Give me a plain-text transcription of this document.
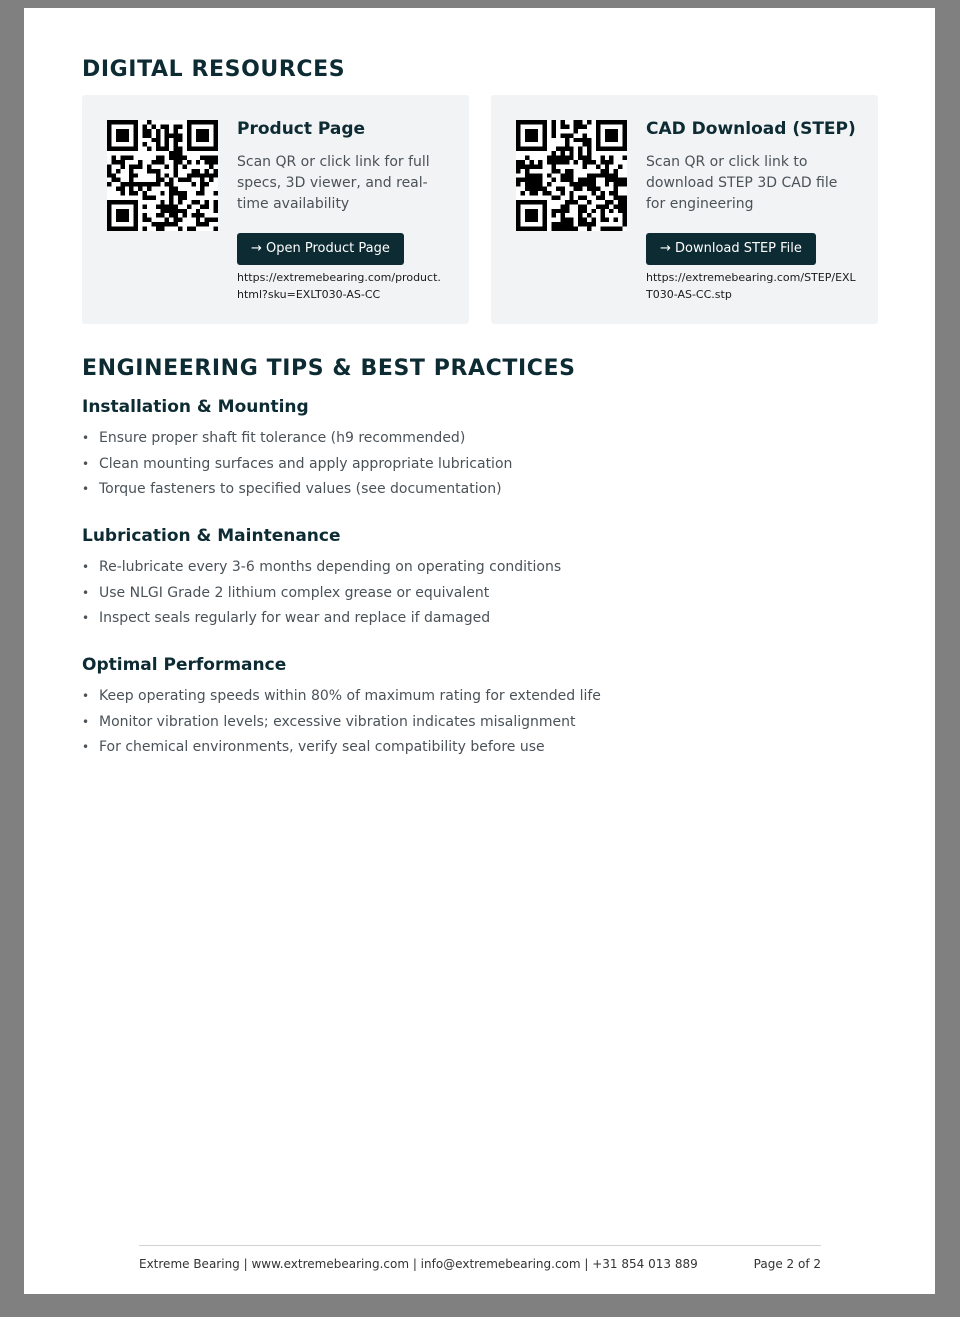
DIGITAL RESOURCES
Product Page

Scan QR or click link for full specs, 3D viewer, and real-time availability

→ Open Product Page

https://extremebearing.com/product.html?sku=EXLT030-AS-CC

CAD Download (STEP)

Scan QR or click link to download STEP 3D CAD file for engineering

→ Download STEP File

https://extremebearing.com/STEP/EXLT030-AS-CC.stp

ENGINEERING TIPS & BEST PRACTICES
Installation & Mounting
• Ensure proper shaft fit tolerance (h9 recommended)
• Clean mounting surfaces and apply appropriate lubrication
• Torque fasteners to specified values (see documentation)
Lubrication & Maintenance
• Re-lubricate every 3-6 months depending on operating conditions
• Use NLGI Grade 2 lithium complex grease or equivalent
• Inspect seals regularly for wear and replace if damaged
Optimal Performance
• Keep operating speeds within 80% of maximum rating for extended life
• Monitor vibration levels; excessive vibration indicates misalignment
• For chemical environments, verify seal compatibility before use
Extreme Bearing | www.extremebearing.com | info@extremebearing.com | +31 854 013 889	Page 2 of 2
